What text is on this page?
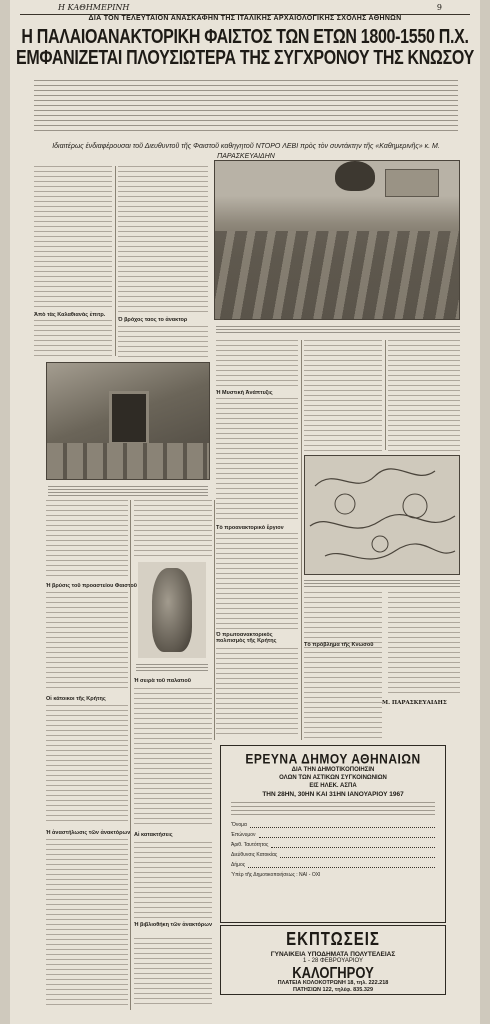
Η ΚΑΘΗΜΕΡΙΝΗ	9
ΔΙΑ ΤΟΝ ΤΕΛΕΥΤΑΙΟΝ ΑΝΑΣΚΑΦΗΝ ΤΗΣ ΙΤΑΛΙΚΗΣ ΑΡΧΑΙΟΛΟΓΙΚΗΣ ΣΧΟΛΗΣ ΑΘΗΝΩΝ
Η ΠΑΛΑΙΟΑΝΑΚΤΟΡΙΚΗ ΦΑΙΣΤΟΣ ΤΩΝ ΕΤΩΝ 1800-1550 Π.Χ.
ΕΜΦΑΝΙΖΕΤΑΙ ΠΛΟΥΣΙΩΤΕΡΑ ΤΗΣ ΣΥΓΧΡΟΝΟΥ ΤΗΣ ΚΝΩΣΟΥ
Ιδιαιτέρως ἐνδιαφέρουσαι τοῦ Διευθυντοῦ τῆς Φαιστοῦ καθηγητοῦ ΝΤΟΡΟ ΛΕΒΙ πρὸς τὸν συντάκτην τῆς «Καθημερινῆς» κ. Μ. ΠΑΡΑΣΚΕΥΑΙΔΗΝ
Ἀπὸ τὰς Καλαθιανὰς ἐπιτρ.
Ὁ βρόχος ταος το ἀνακτορ
Ἡ Μυστικὴ Ἀνάπτυξις
Τὸ προανακτορικὸ ἔργιον
Ὁ πρωτοανακτορικὸς πολιτισμὸς τῆς Κρήτης
Μ. ΠΑΡΑΣΚΕΥΑΙΔΗΣ
Τὸ πρόβλημα τῆς Κνωσοῦ
Ἡ βρύσις τοῦ προαστείου Φαιστοῦ
Οἱ κάτοικοι τῆς Κρήτης
Ἡ ἀναστήλωσις τῶν ἀνακτόρων
Ἡ σειρὰ τοῦ παλατιοῦ
Αἱ κατακτήσεις
Ἡ βιβλιοθήκη τῶν ἀνακτόρων
ΕΡΕΥΝΑ ΔΗΜΟΥ ΑΘΗΝΑΙΩΝ
ΔΙΑ ΤΗΝ ΔΗΜΟΤΙΚΟΠΟΙΗΣΙΝ
ΟΛΩΝ ΤΩΝ ΑΣΤΙΚΩΝ ΣΥΓΚΟΙΝΩΝΙΩΝ
ΕΙΣ ΗΛΕΚ. ΑΣΠΑ
ΤΗΝ 28ΗΝ, 30ΗΝ ΚΑΙ 31ΗΝ ΙΑΝΟΥΑΡΙΟΥ 1967
Ὄνομα
Ἐπώνυμον
Ἀριθ. Ταυτότητος
Διεύθυνσις Κατοικίας
Δήμος
Ὑπὲρ τῆς Δημοτικοποιήσεως : ΝΑΙ - ΟΧΙ
ΕΚΠΤΩΣΕΙΣ
ΓΥΝΑΙΚΕΙΑ ΥΠΟΔΗΜΑΤΑ ΠΟΛΥΤΕΛΕΙΑΣ
1 - 28 ΦΕΒΡΟΥΑΡΙΟΥ
ΚΑΛΟΓΗΡΟΥ
ΠΛΑΤΕΙΑ ΚΟΛΟΚΟΤΡΩΝΗ 18, τηλ. 222.218
ΠΑΤΗΣΙΩΝ 122, τηλέφ. 835.329
